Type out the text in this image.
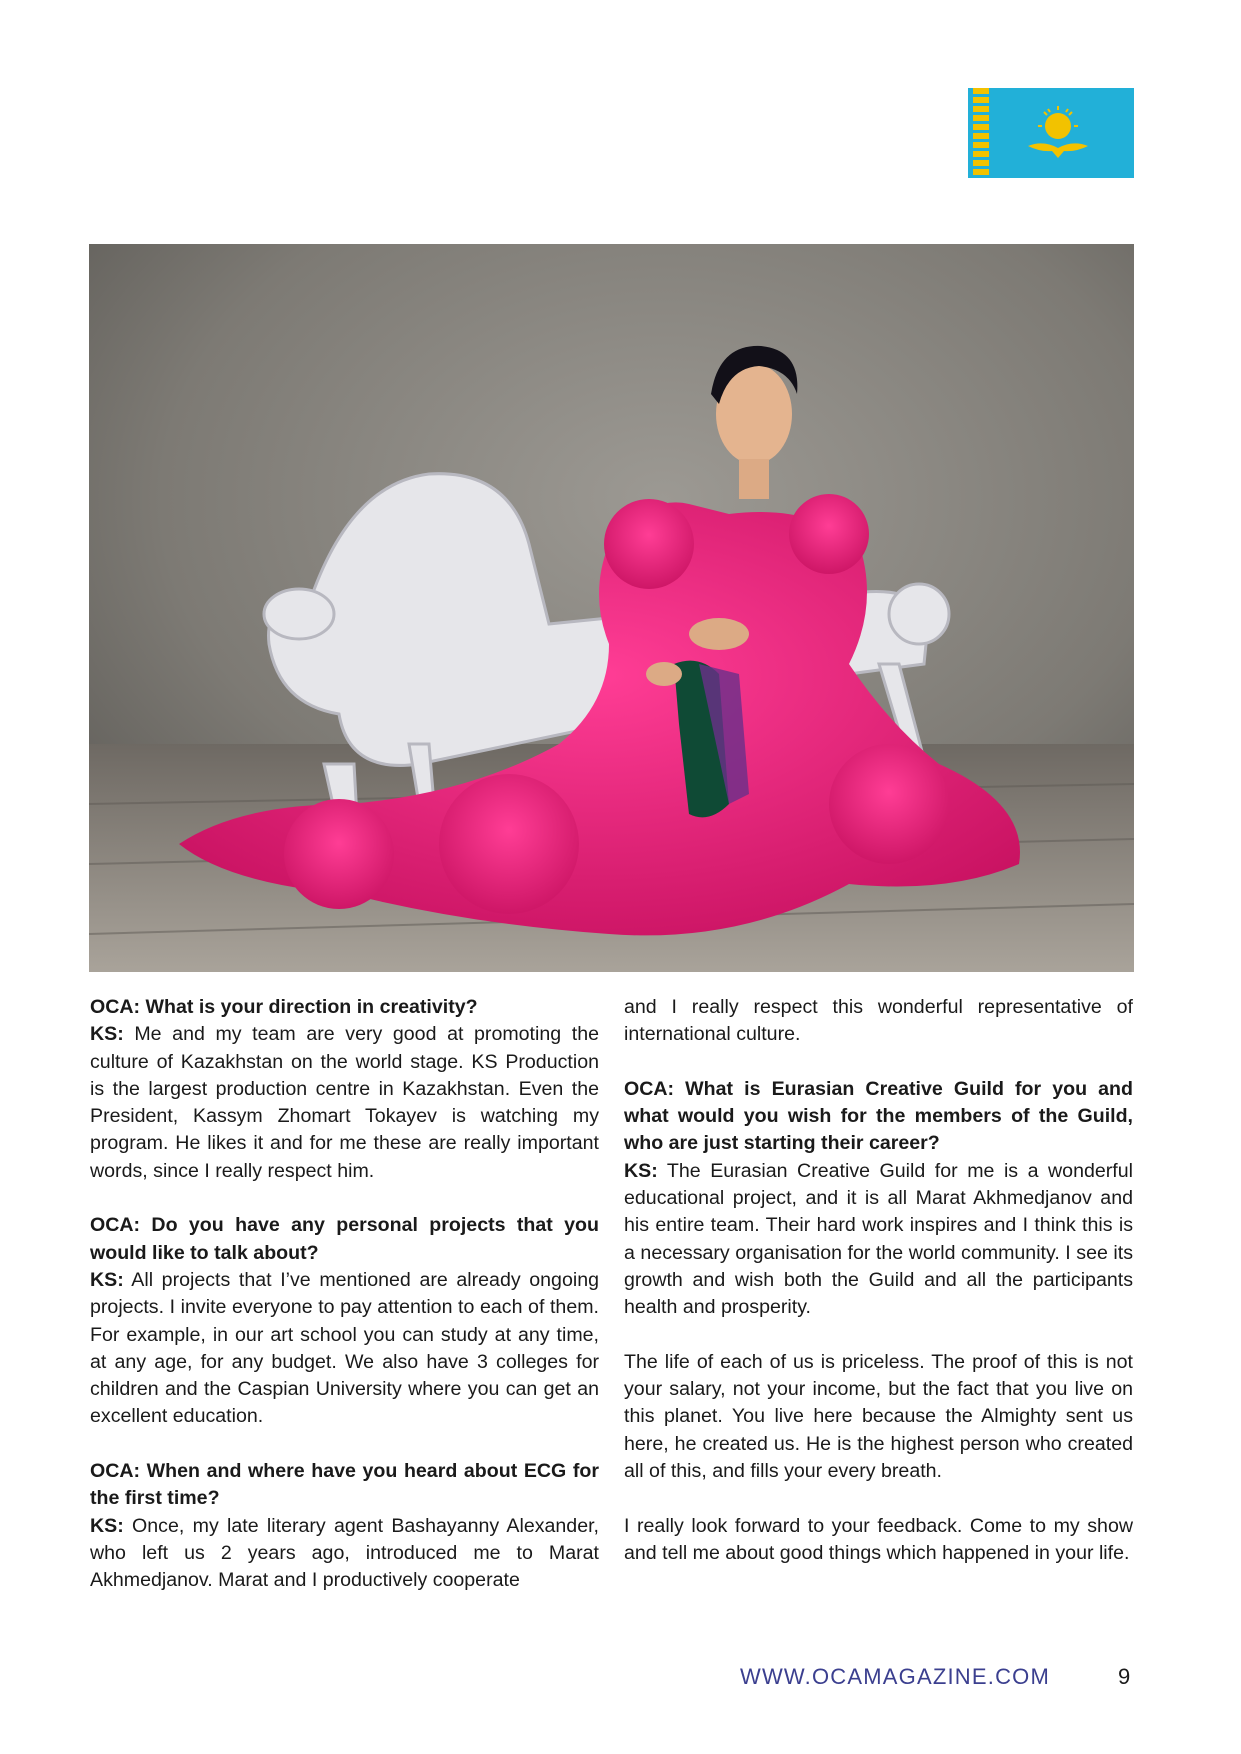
OCA: What is your direction in creativity?

KS: Me and my team are very good at promoting the culture of Kazakhstan on the world stage. KS Production is the largest production centre in Kazakhstan. Even the President, Kassym Zhomart Tokayev is watching my program. He likes it and for me these are really important words, since I really respect him.

OCA: Do you have any personal projects that you would like to talk about?

KS: All projects that I’ve mentioned are already ongoing projects. I invite everyone to pay attention to each of them. For example, in our art school you can study at any time, at any age, for any budget. We also have 3 colleges for children and the Caspian University where you can get an excellent education.

OCA: When and where have you heard about ECG for the first time?

KS: Once, my late literary agent Bashayanny Alexander, who left us 2 years ago, introduced me to Marat Akhmedjanov. Marat and I productively cooperate

and I really respect this wonderful representative of international culture.

OCA: What is Eurasian Creative Guild for you and what would you wish for the members of the Guild, who are just starting their career?

KS: The Eurasian Creative Guild for me is a wonderful educational project, and it is all Marat Akhmedjanov and his entire team. Their hard work inspires and I think this is a necessary organisation for the world community. I see its growth and wish both the Guild and all the participants health and prosperity.

The life of each of us is priceless. The proof of this is not your salary, not your income, but the fact that you live on this planet. You live here because the Almighty sent us here, he created us. He is the highest person who created all of this, and fills your every breath.

I really look forward to your feedback. Come to my show and tell me about good things which happened in your life.

WWW.OCAMAGAZINE.COM	9
